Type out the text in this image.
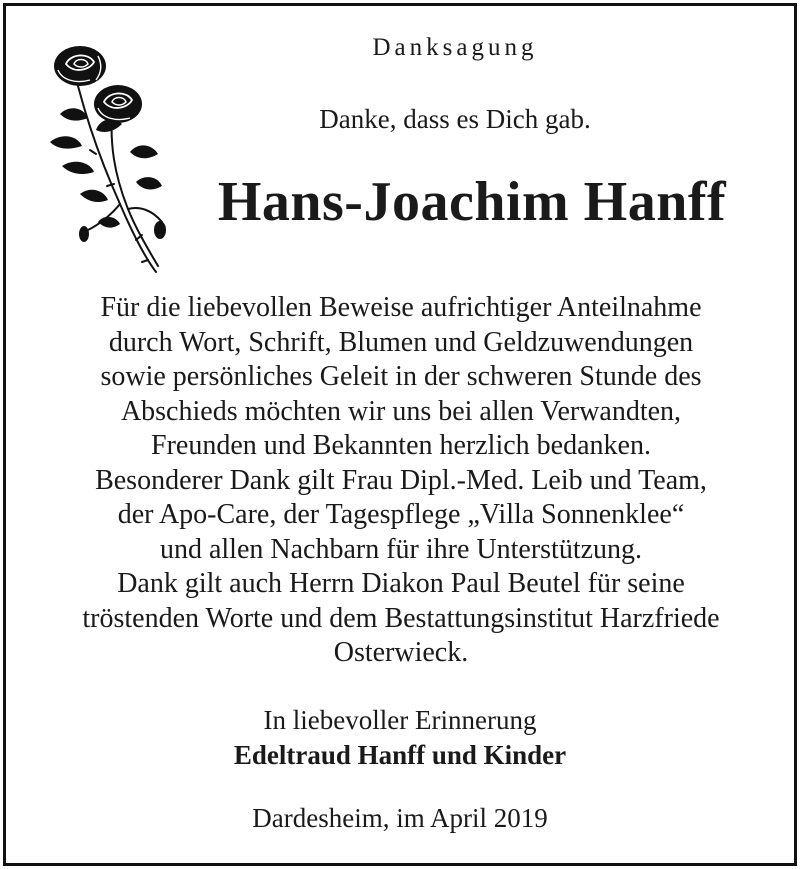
Danksagung
Danke, dass es Dich gab.
Hans-Joachim Hanff
Für die liebevollen Beweise aufrichtiger Anteilnahme
durch Wort, Schrift, Blumen und Geldzuwendungen
sowie persönliches Geleit in der schweren Stunde des
Abschieds möchten wir uns bei allen Verwandten,
Freunden und Bekannten herzlich bedanken.
Besonderer Dank gilt Frau Dipl.-Med. Leib und Team,
der Apo-Care, der Tagespflege „Villa Sonnenklee“
und allen Nachbarn für ihre Unterstützung.
Dank gilt auch Herrn Diakon Paul Beutel für seine
tröstenden Worte und dem Bestattungsinstitut Harzfriede
Osterwieck.
In liebevoller Erinnerung
Edeltraud Hanff und Kinder
Dardesheim, im April 2019
